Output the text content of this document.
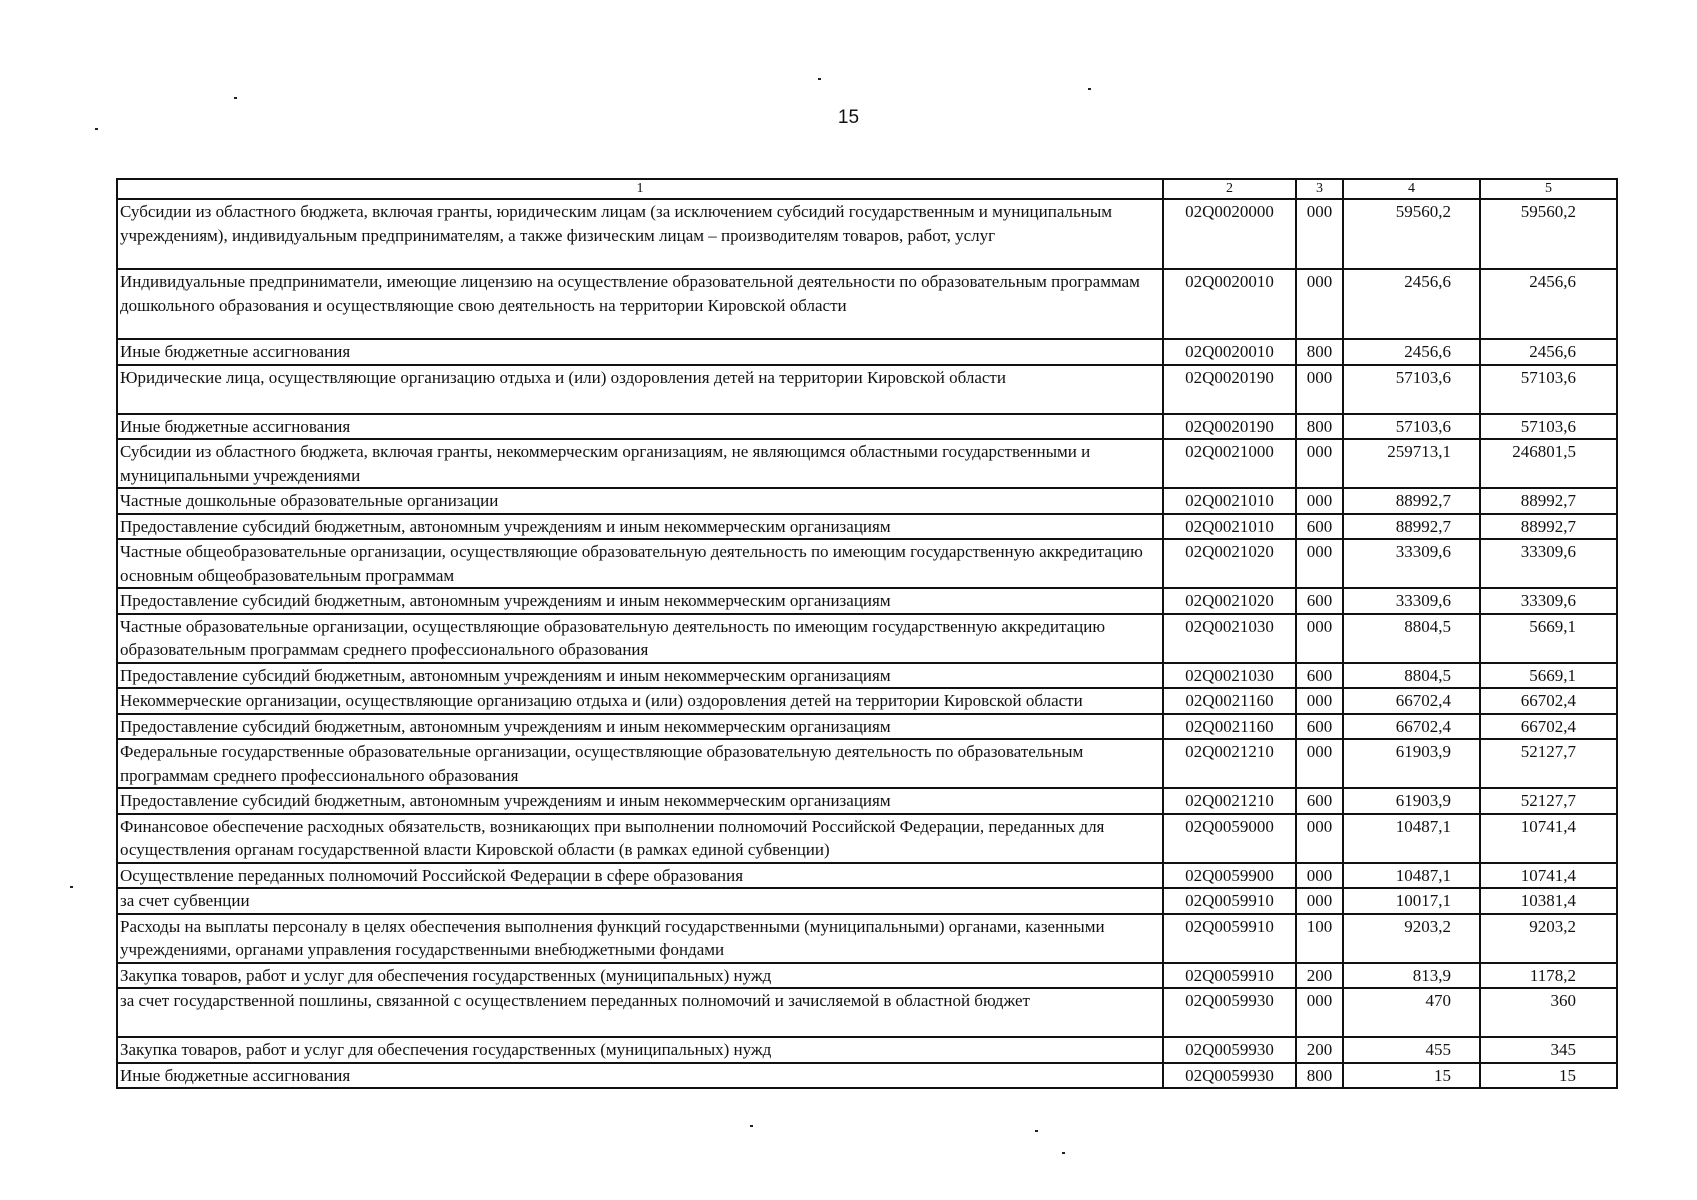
15
1	2	3	4	5
Субсидии из областного бюджета, включая гранты, юридическим лицам (за исключением субсидий государственным и муниципальным учреждениям), индивидуальным предпринимателям, а также физическим лицам – производителям товаров, работ, услуг	02Q0020000	000	59560,2	59560,2
Индивидуальные предприниматели, имеющие лицензию на осуществление образовательной деятельности по образовательным программам дошкольного образования и осуществляющие свою деятельность на территории Кировской области	02Q0020010	000	2456,6	2456,6
Иные бюджетные ассигнования	02Q0020010	800	2456,6	2456,6
Юридические лица, осуществляющие организацию отдыха и (или) оздоровления детей на территории Кировской области	02Q0020190	000	57103,6	57103,6
Иные бюджетные ассигнования	02Q0020190	800	57103,6	57103,6
Субсидии из областного бюджета, включая гранты, некоммерческим организациям, не являющимся областными государственными и муниципальными учреждениями	02Q0021000	000	259713,1	246801,5
Частные дошкольные образовательные организации	02Q0021010	000	88992,7	88992,7
Предоставление субсидий бюджетным, автономным учреждениям и иным некоммерческим организациям	02Q0021010	600	88992,7	88992,7
Частные общеобразовательные организации, осуществляющие образовательную деятельность по имеющим государственную аккредитацию основным общеобразовательным программам	02Q0021020	000	33309,6	33309,6
Предоставление субсидий бюджетным, автономным учреждениям и иным некоммерческим организациям	02Q0021020	600	33309,6	33309,6
Частные образовательные организации, осуществляющие образовательную деятельность по имеющим государственную аккредитацию образовательным программам среднего профессионального образования	02Q0021030	000	8804,5	5669,1
Предоставление субсидий бюджетным, автономным учреждениям и иным некоммерческим организациям	02Q0021030	600	8804,5	5669,1
Некоммерческие организации, осуществляющие организацию отдыха и (или) оздоровления детей на территории Кировской области	02Q0021160	000	66702,4	66702,4
Предоставление субсидий бюджетным, автономным учреждениям и иным некоммерческим организациям	02Q0021160	600	66702,4	66702,4
Федеральные государственные образовательные организации, осуществляющие образовательную деятельность по образовательным программам среднего профессионального образования	02Q0021210	000	61903,9	52127,7
Предоставление субсидий бюджетным, автономным учреждениям и иным некоммерческим организациям	02Q0021210	600	61903,9	52127,7
Финансовое обеспечение расходных обязательств, возникающих при выполнении полномочий Российской Федерации, переданных для осуществления органам государственной власти Кировской области (в рамках единой субвенции)	02Q0059000	000	10487,1	10741,4
Осуществление переданных полномочий Российской Федерации в сфере образования	02Q0059900	000	10487,1	10741,4
за счет субвенции	02Q0059910	000	10017,1	10381,4
Расходы на выплаты персоналу в целях обеспечения выполнения функций государственными (муниципальными) органами, казенными учреждениями, органами управления государственными внебюджетными фондами	02Q0059910	100	9203,2	9203,2
Закупка товаров, работ и услуг для обеспечения государственных (муниципальных) нужд	02Q0059910	200	813,9	1178,2
за счет государственной пошлины, связанной с осуществлением переданных полномочий и зачисляемой в областной бюджет	02Q0059930	000	470	360
Закупка товаров, работ и услуг для обеспечения государственных (муниципальных) нужд	02Q0059930	200	455	345
Иные бюджетные ассигнования	02Q0059930	800	15	15
